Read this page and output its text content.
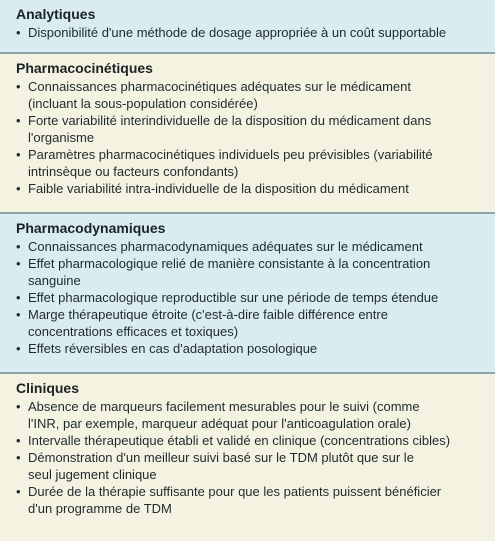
Analytiques
• Disponibilité d'une méthode de dosage appropriée à un coût supportable
Pharmacocinétiques
• Connaissances pharmacocinétiques adéquates sur le médicament
(incluant la sous-population considérée)
• Forte variabilité interindividuelle de la disposition du médicament dans
l'organisme
• Paramètres pharmacocinétiques individuels peu prévisibles (variabilité
intrinsèque ou facteurs confondants)
• Faible variabilité intra-individuelle de la disposition du médicament
Pharmacodynamiques
• Connaissances pharmacodynamiques adéquates sur le médicament
• Effet pharmacologique relié de manière consistante à la concentration
sanguine
• Effet pharmacologique reproductible sur une période de temps étendue
• Marge thérapeutique étroite (c'est-à-dire faible différence entre
concentrations efficaces et toxiques)
• Effets réversibles en cas d'adaptation posologique
Cliniques
• Absence de marqueurs facilement mesurables pour le suivi (comme
l'INR, par exemple, marqueur adéquat pour l'anticoagulation orale)
• Intervalle thérapeutique établi et validé en clinique (concentrations cibles)
• Démonstration d'un meilleur suivi basé sur le TDM plutôt que sur le
seul jugement clinique
• Durée de la thérapie suffisante pour que les patients puissent bénéficier
d'un programme de TDM
